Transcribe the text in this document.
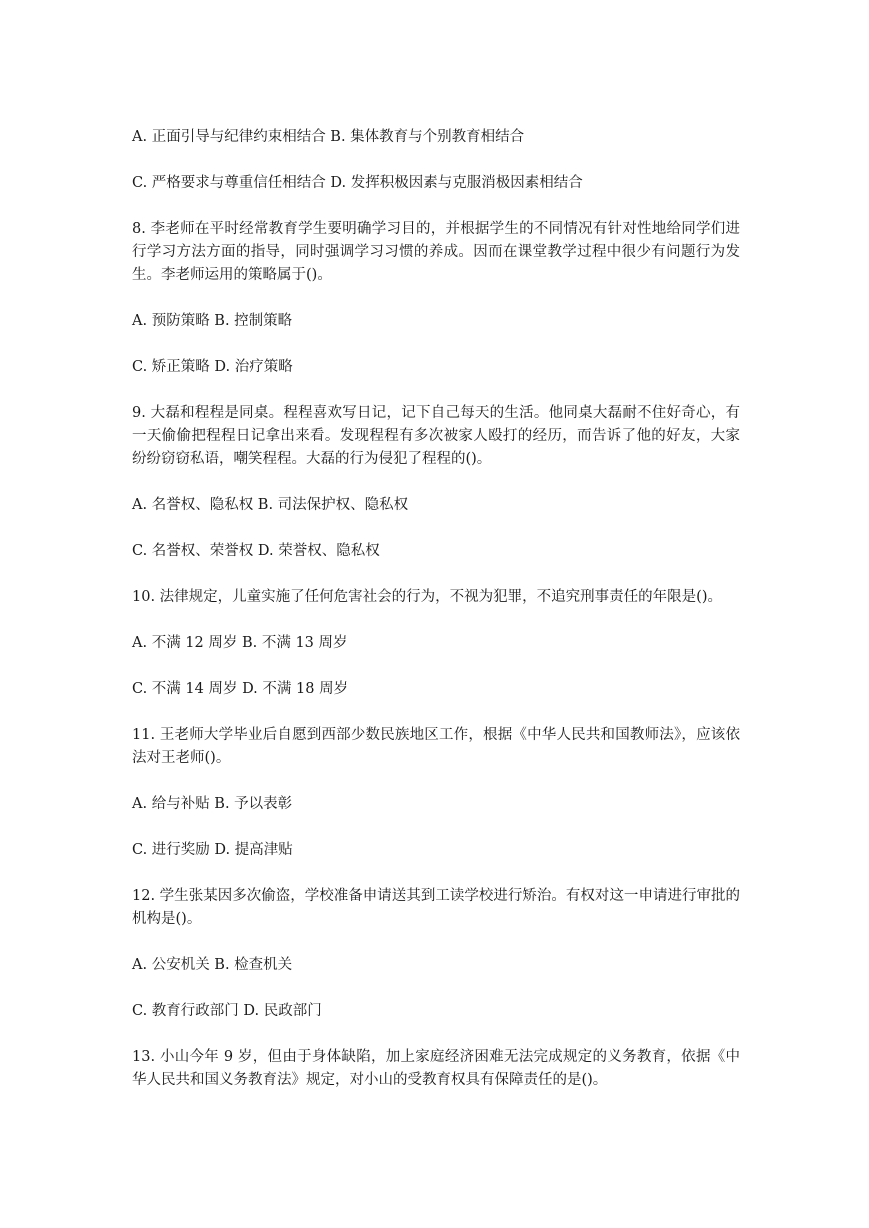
A. 正面引导与纪律约束相结合 B. 集体教育与个别教育相结合

C. 严格要求与尊重信任相结合 D. 发挥积极因素与克服消极因素相结合

8. 李老师在平时经常教育学生要明确学习目的，并根据学生的不同情况有针对性地给同学们进行学习方法方面的指导，同时强调学习习惯的养成。因而在课堂教学过程中很少有问题行为发生。李老师运用的策略属于()。

A. 预防策略 B. 控制策略

C. 矫正策略 D. 治疗策略

9. 大磊和程程是同桌。程程喜欢写日记，记下自己每天的生活。他同桌大磊耐不住好奇心，有一天偷偷把程程日记拿出来看。发现程程有多次被家人殴打的经历，而告诉了他的好友，大家纷纷窃窃私语，嘲笑程程。大磊的行为侵犯了程程的()。

A. 名誉权、隐私权 B. 司法保护权、隐私权

C. 名誉权、荣誉权 D. 荣誉权、隐私权

10. 法律规定，儿童实施了任何危害社会的行为，不视为犯罪，不追究刑事责任的年限是()。

A. 不满 12 周岁 B. 不满 13 周岁

C. 不满 14 周岁 D. 不满 18 周岁

11. 王老师大学毕业后自愿到西部少数民族地区工作，根据《中华人民共和国教师法》，应该依法对王老师()。

A. 给与补贴 B. 予以表彰

C. 进行奖励 D. 提高津贴

12. 学生张某因多次偷盗，学校准备申请送其到工读学校进行矫治。有权对这一申请进行审批的机构是()。

A. 公安机关 B. 检查机关

C. 教育行政部门 D. 民政部门

13. 小山今年 9 岁，但由于身体缺陷，加上家庭经济困难无法完成规定的义务教育，依据《中华人民共和国义务教育法》规定，对小山的受教育权具有保障责任的是()。
